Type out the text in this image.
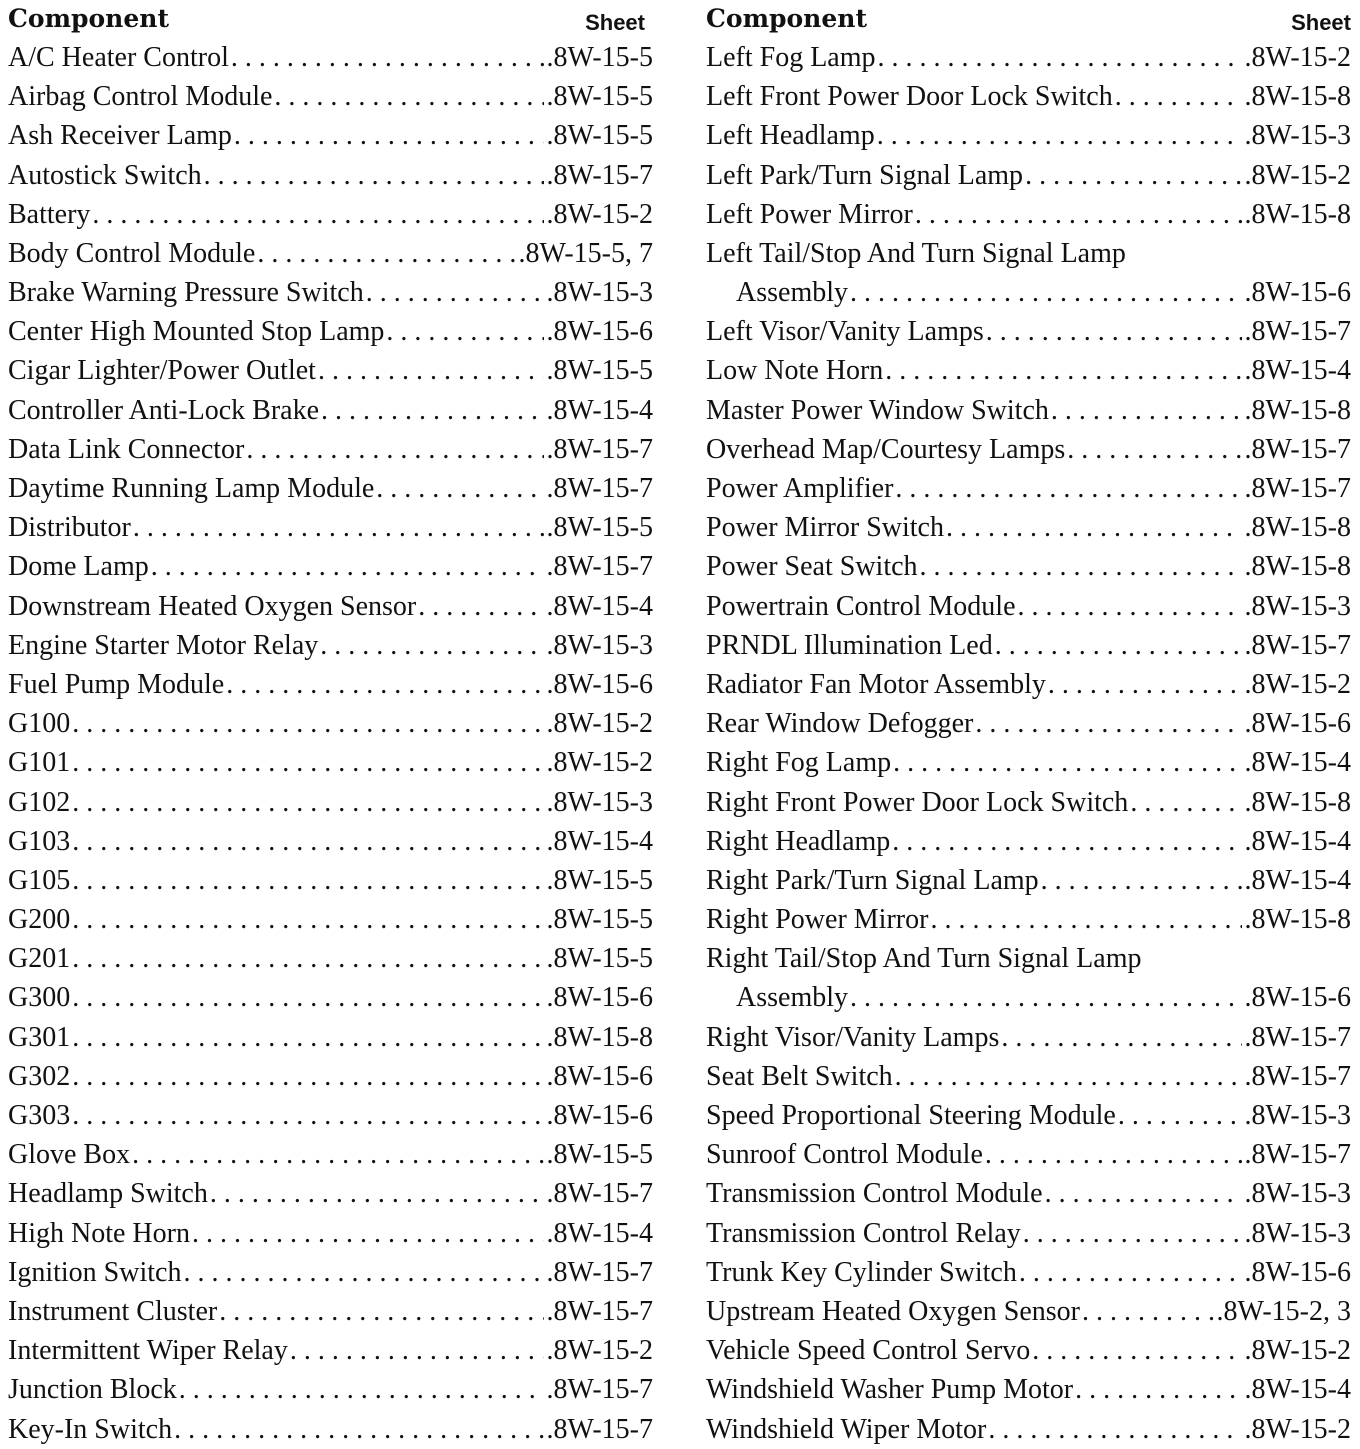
Component	Sheet
A/C Heater Control . . .	.8W-15-5
Airbag Control Module . . .	.8W-15-5
Ash Receiver Lamp . . .	.8W-15-5
Autostick Switch . . .	.8W-15-7
Battery . . .	.8W-15-2
Body Control Module . . .	.8W-15-5, 7
Brake Warning Pressure Switch . . .	.8W-15-3
Center High Mounted Stop Lamp . . .	.8W-15-6
Cigar Lighter/Power Outlet . . .	.8W-15-5
Controller Anti-Lock Brake . . .	.8W-15-4
Data Link Connector . . .	.8W-15-7
Daytime Running Lamp Module . . .	.8W-15-7
Distributor . . .	.8W-15-5
Dome Lamp . . .	.8W-15-7
Downstream Heated Oxygen Sensor . . .	.8W-15-4
Engine Starter Motor Relay . . .	.8W-15-3
Fuel Pump Module . . .	.8W-15-6
G100 . . .	.8W-15-2
G101 . . .	.8W-15-2
G102 . . .	.8W-15-3
G103 . . .	.8W-15-4
G105 . . .	.8W-15-5
G200 . . .	.8W-15-5
G201 . . .	.8W-15-5
G300 . . .	.8W-15-6
G301 . . .	.8W-15-8
G302 . . .	.8W-15-6
G303 . . .	.8W-15-6
Glove Box . . .	.8W-15-5
Headlamp Switch . . .	.8W-15-7
High Note Horn . . .	.8W-15-4
Ignition Switch . . .	.8W-15-7
Instrument Cluster . . .	.8W-15-7
Intermittent Wiper Relay . . .	.8W-15-2
Junction Block . . .	.8W-15-7
Key-In Switch . . .	.8W-15-7
Component	Sheet
Left Fog Lamp . . .	.8W-15-2
Left Front Power Door Lock Switch . . .	.8W-15-8
Left Headlamp . . .	.8W-15-3
Left Park/Turn Signal Lamp . . .	.8W-15-2
Left Power Mirror . . .	.8W-15-8
Left Tail/Stop And Turn Signal Lamp
Assembly . . .	.8W-15-6
Left Visor/Vanity Lamps . . .	.8W-15-7
Low Note Horn . . .	.8W-15-4
Master Power Window Switch . . .	.8W-15-8
Overhead Map/Courtesy Lamps . . .	.8W-15-7
Power Amplifier . . .	.8W-15-7
Power Mirror Switch . . .	.8W-15-8
Power Seat Switch . . .	.8W-15-8
Powertrain Control Module . . .	.8W-15-3
PRNDL Illumination Led . . .	.8W-15-7
Radiator Fan Motor Assembly . . .	.8W-15-2
Rear Window Defogger . . .	.8W-15-6
Right Fog Lamp . . .	.8W-15-4
Right Front Power Door Lock Switch . . .	.8W-15-8
Right Headlamp . . .	.8W-15-4
Right Park/Turn Signal Lamp . . .	.8W-15-4
Right Power Mirror . . .	.8W-15-8
Right Tail/Stop And Turn Signal Lamp
Assembly . . .	.8W-15-6
Right Visor/Vanity Lamps . . .	.8W-15-7
Seat Belt Switch . . .	.8W-15-7
Speed Proportional Steering Module . . .	.8W-15-3
Sunroof Control Module . . .	.8W-15-7
Transmission Control Module . . .	.8W-15-3
Transmission Control Relay . . .	.8W-15-3
Trunk Key Cylinder Switch . . .	.8W-15-6
Upstream Heated Oxygen Sensor . . .	.8W-15-2, 3
Vehicle Speed Control Servo . . .	.8W-15-2
Windshield Washer Pump Motor . . .	.8W-15-4
Windshield Wiper Motor . . .	.8W-15-2
